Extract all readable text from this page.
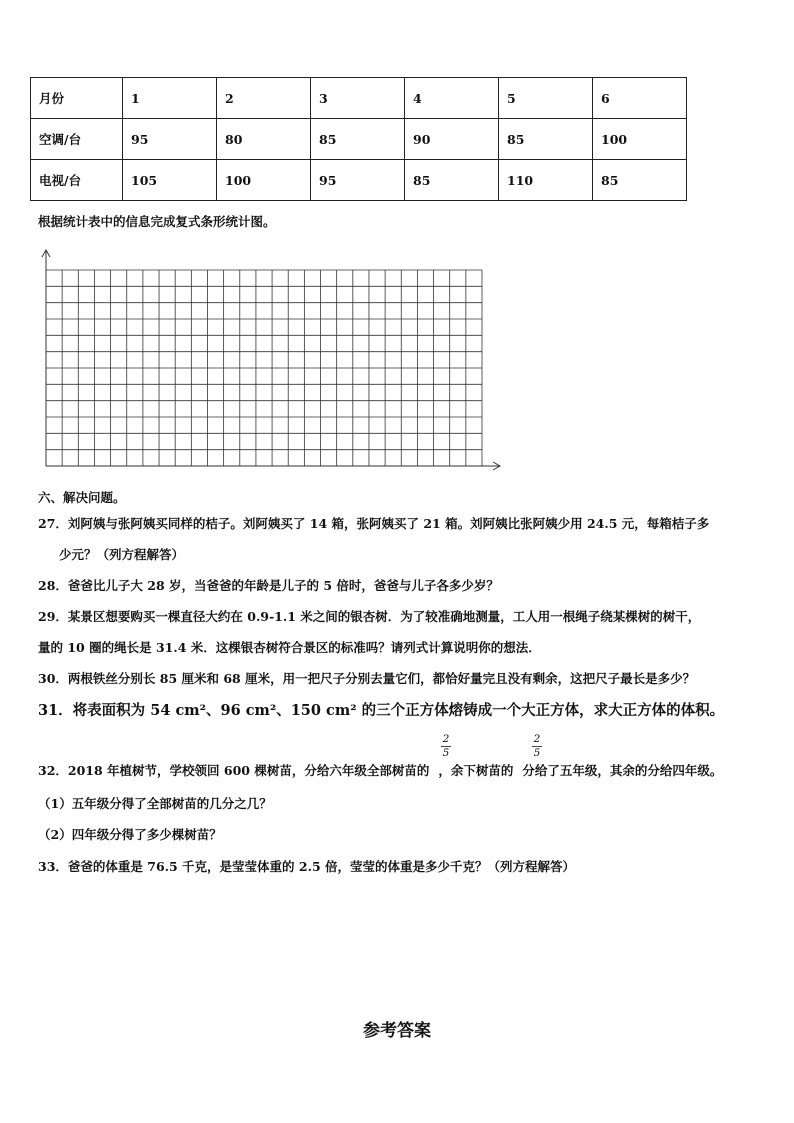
月份	1	2	3	4	5	6
空调/台	95	80	85	90	85	100
电视/台	105	100	95	85	110	85
根据统计表中的信息完成复式条形统计图。
六、解决问题。
27．刘阿姨与张阿姨买同样的桔子。刘阿姨买了 14 箱，张阿姨买了 21 箱。刘阿姨比张阿姨少用 24.5 元，每箱桔子多
少元？（列方程解答）
28．爸爸比儿子大 28 岁，当爸爸的年龄是儿子的 5 倍时，爸爸与儿子各多少岁？
29．某景区想要购买一棵直径大约在 0.9-1.1 米之间的银杏树．为了较准确地测量，工人用一根绳子绕某棵树的树干，
量的 10 圈的绳长是 31.4 米．这棵银杏树符合景区的标准吗？请列式计算说明你的想法．
30．两根铁丝分别长 85 厘米和 68 厘米，用一把尺子分别去量它们，都恰好量完且没有剩余，这把尺子最长是多少？
31．将表面积为 54 cm²、96 cm²、150 cm² 的三个正方体熔铸成一个大正方体，求大正方体的体积。
32．2018 年植树节，学校领回 600 棵树苗，分给六年级全部树苗的 ，余下树苗的 分给了五年级，其余的分给四年级。
2
5
2
5
（1）五年级分得了全部树苗的几分之几？
（2）四年级分得了多少棵树苗？
33．爸爸的体重是 76.5 千克，是莹莹体重的 2.5 倍，莹莹的体重是多少千克？（列方程解答）
参考答案
